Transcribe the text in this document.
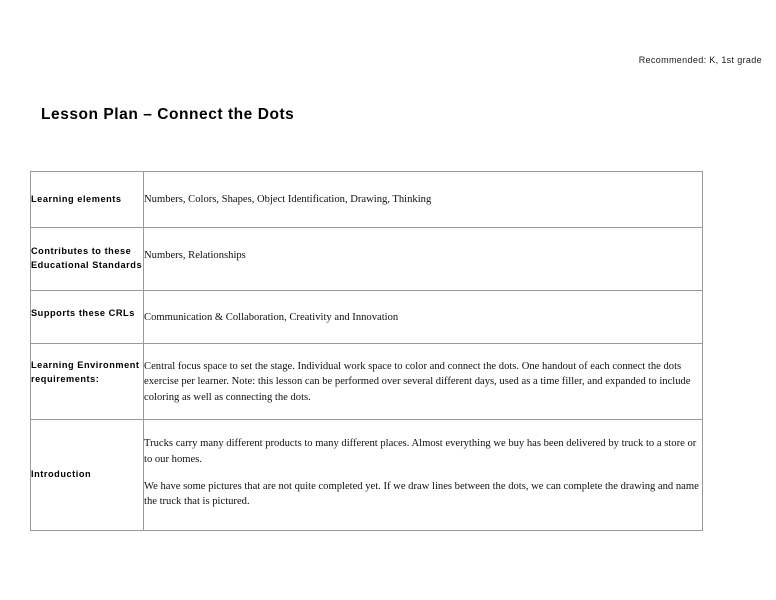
Recommended: K, 1st grade
Lesson Plan – Connect the Dots
Learning elements	Numbers, Colors, Shapes, Object Identification, Drawing, Thinking

Contributes to these Educational Standards	Numbers, Relationships

Supports these CRLs	Communication & Collaboration, Creativity and Innovation

Learning Environment requirements:	Central focus space to set the stage. Individual work space to color and connect the dots. One handout of each connect the dots exercise per learner. Note: this lesson can be performed over several different days, used as a time filler, and expanded to include coloring as well as connecting the dots.

Introduction	Trucks carry many different products to many different places. Almost everything we buy has been delivered by truck to a store or to our homes.

We have some pictures that are not quite completed yet. If we draw lines between the dots, we can complete the drawing and name the truck that is pictured.
